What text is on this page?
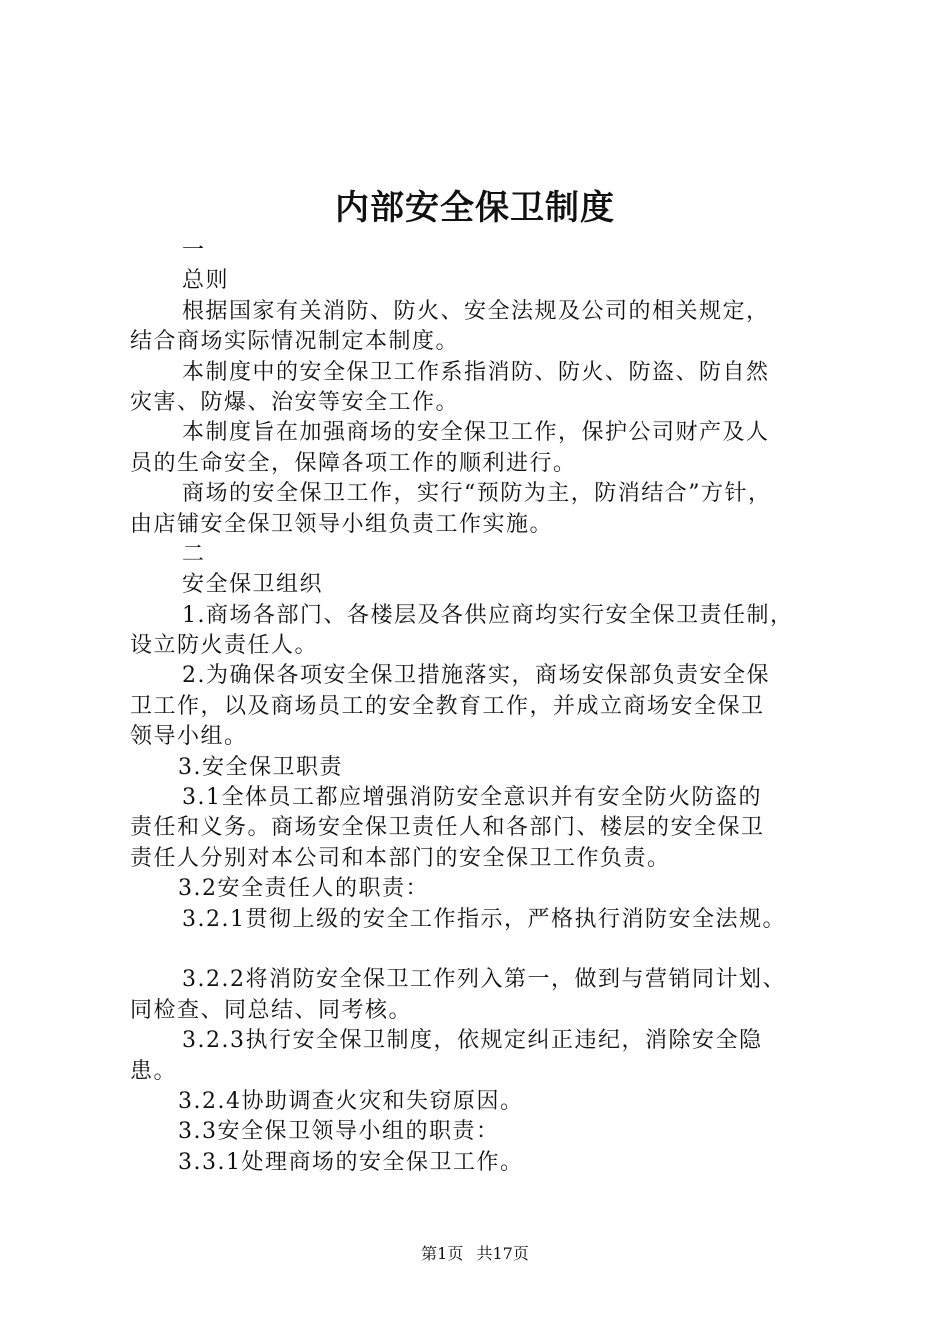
内部安全保卫制度
一
总则
根据国家有关消防、防火、安全法规及公司的相关规定，
结合商场实际情况制定本制度。
本制度中的安全保卫工作系指消防、防火、防盗、防自然
灾害、防爆、治安等安全工作。
本制度旨在加强商场的安全保卫工作，保护公司财产及人
员的生命安全，保障各项工作的顺利进行。
商场的安全保卫工作，实行“预防为主，防消结合”方针，
由店铺安全保卫领导小组负责工作实施。
二
安全保卫组织
1.商场各部门、各楼层及各供应商均实行安全保卫责任制，
设立防火责任人。
2.为确保各项安全保卫措施落实，商场安保部负责安全保
卫工作，以及商场员工的安全教育工作，并成立商场安全保卫
领导小组。
3.安全保卫职责
3.1全体员工都应增强消防安全意识并有安全防火防盗的
责任和义务。商场安全保卫责任人和各部门、楼层的安全保卫
责任人分别对本公司和本部门的安全保卫工作负责。
3.2安全责任人的职责：
3.2.1贯彻上级的安全工作指示，严格执行消防安全法规。
3.2.2将消防安全保卫工作列入第一，做到与营销同计划、
同检查、同总结、同考核。
3.2.3执行安全保卫制度，依规定纠正违纪，消除安全隐
患。
3.2.4协助调查火灾和失窃原因。
3.3安全保卫领导小组的职责：
3.3.1处理商场的安全保卫工作。
第1页 共17页
